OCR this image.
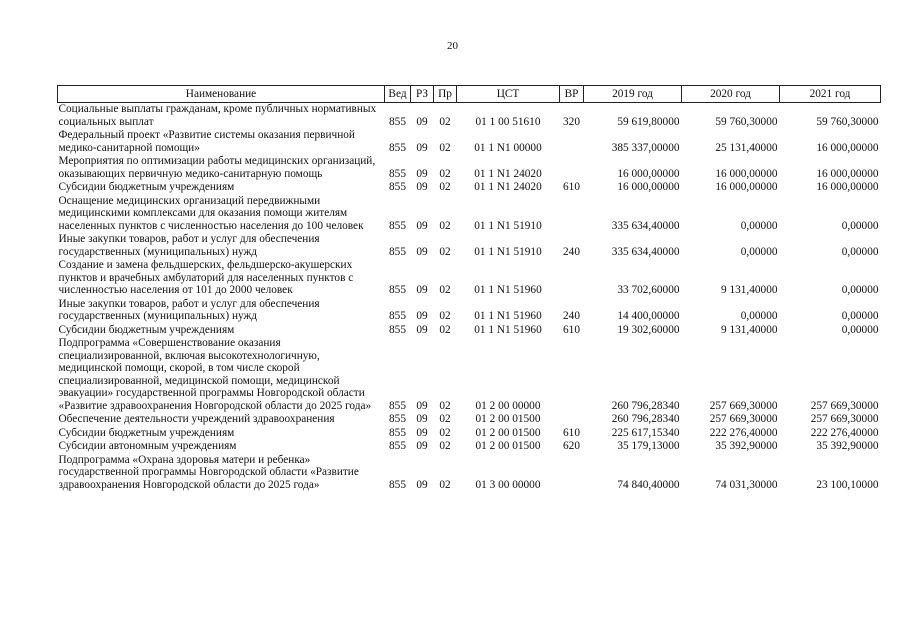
20
Наименование	Вед	РЗ	Пр	ЦСТ	ВР	2019 год	2020 год	2021 год
Социальные выплаты гражданам, кроме публичных нормативных социальных выплат	855	09	02	01 1 00 51610	320	59 619,80000	59 760,30000	59 760,30000
Федеральный проект «Развитие системы оказания первичной медико-санитарной помощи»	855	09	02	01 1 N1 00000		385 337,00000	25 131,40000	16 000,00000
Мероприятия по оптимизации работы медицинских организаций, оказывающих первичную медико-санитарную помощь	855	09	02	01 1 N1 24020		16 000,00000	16 000,00000	16 000,00000
Субсидии бюджетным учреждениям	855	09	02	01 1 N1 24020	610	16 000,00000	16 000,00000	16 000,00000
Оснащение медицинских организаций передвижными медицинскими комплексами для оказания помощи жителям населенных пунктов с численностью населения до 100 человек	855	09	02	01 1 N1 51910		335 634,40000	0,00000	0,00000
Иные закупки товаров, работ и услуг для обеспечения государственных (муниципальных) нужд	855	09	02	01 1 N1 51910	240	335 634,40000	0,00000	0,00000
Создание и замена фельдшерских, фельдшерско-акушерских пунктов и врачебных амбулаторий для населенных пунктов с численностью населения от 101 до 2000 человек	855	09	02	01 1 N1 51960		33 702,60000	9 131,40000	0,00000
Иные закупки товаров, работ и услуг для обеспечения государственных (муниципальных) нужд	855	09	02	01 1 N1 51960	240	14 400,00000	0,00000	0,00000
Субсидии бюджетным учреждениям	855	09	02	01 1 N1 51960	610	19 302,60000	9 131,40000	0,00000
Подпрограмма «Совершенствование оказания специализированной, включая высокотехнологичную, медицинской помощи, скорой, в том числе скорой специализированной, медицинской помощи, медицинской эвакуации» государственной программы Новгородской области «Развитие здравоохранения Новгородской области до 2025 года»	855	09	02	01 2 00 00000		260 796,28340	257 669,30000	257 669,30000
Обеспечение деятельности учреждений здравоохранения	855	09	02	01 2 00 01500		260 796,28340	257 669,30000	257 669,30000
Субсидии бюджетным учреждениям	855	09	02	01 2 00 01500	610	225 617,15340	222 276,40000	222 276,40000
Субсидии автономным учреждениям	855	09	02	01 2 00 01500	620	35 179,13000	35 392,90000	35 392,90000
Подпрограмма «Охрана здоровья матери и ребенка» государственной программы Новгородской области «Развитие здравоохранения Новгородской области до 2025 года»	855	09	02	01 3 00 00000		74 840,40000	74 031,30000	23 100,10000
